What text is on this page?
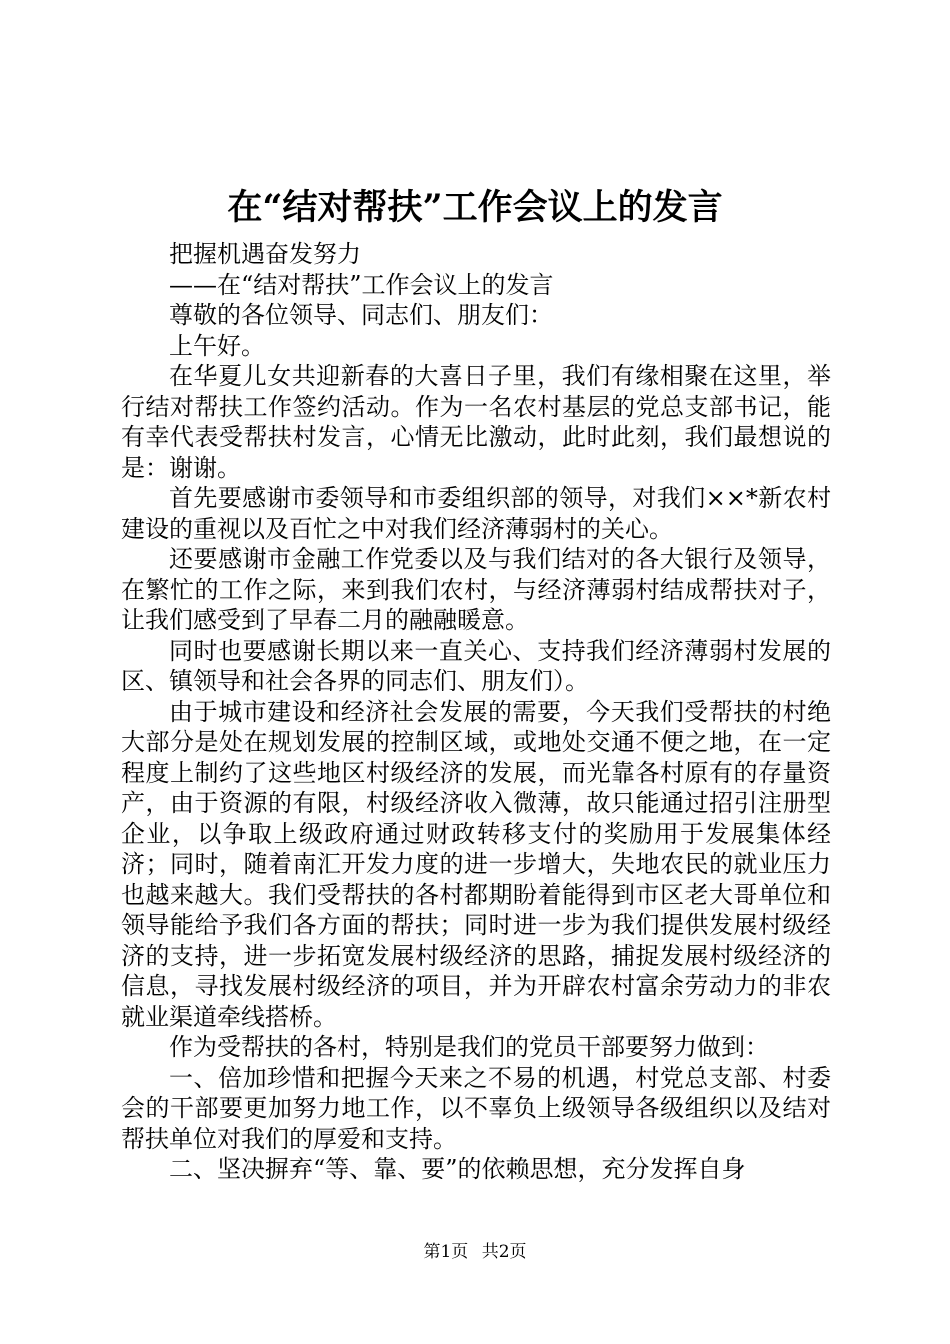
在“结对帮扶”工作会议上的发言

把握机遇奋发努力

——在“结对帮扶”工作会议上的发言

尊敬的各位领导、同志们、朋友们：

上午好。

在华夏儿女共迎新春的大喜日子里，我们有缘相聚在这里，举行结对帮扶工作签约活动。作为一名农村基层的党总支部书记，能有幸代表受帮扶村发言，心情无比激动，此时此刻，我们最想说的是：谢谢。

首先要感谢市委领导和市委组织部的领导，对我们××*新农村建设的重视以及百忙之中对我们经济薄弱村的关心。

还要感谢市金融工作党委以及与我们结对的各大银行及领导，在繁忙的工作之际，来到我们农村，与经济薄弱村结成帮扶对子，让我们感受到了早春二月的融融暖意。

同时也要感谢长期以来一直关心、支持我们经济薄弱村发展的区、镇领导和社会各界的同志们、朋友们）。

由于城市建设和经济社会发展的需要，今天我们受帮扶的村绝大部分是处在规划发展的控制区域，或地处交通不便之地，在一定程度上制约了这些地区村级经济的发展，而光靠各村原有的存量资产，由于资源的有限，村级经济收入微薄，故只能通过招引注册型企业，以争取上级政府通过财政转移支付的奖励用于发展集体经济；同时，随着南汇开发力度的进一步增大，失地农民的就业压力也越来越大。我们受帮扶的各村都期盼着能得到市区老大哥单位和领导能给予我们各方面的帮扶；同时进一步为我们提供发展村级经济的支持，进一步拓宽发展村级经济的思路，捕捉发展村级经济的信息，寻找发展村级经济的项目，并为开辟农村富余劳动力的非农就业渠道牵线搭桥。

作为受帮扶的各村，特别是我们的党员干部要努力做到：

一、倍加珍惜和把握今天来之不易的机遇，村党总支部、村委会的干部要更加努力地工作，以不辜负上级领导各级组织以及结对帮扶单位对我们的厚爱和支持。

二、坚决摒弃“等、靠、要”的依赖思想，充分发挥自身

第1页 共2页
